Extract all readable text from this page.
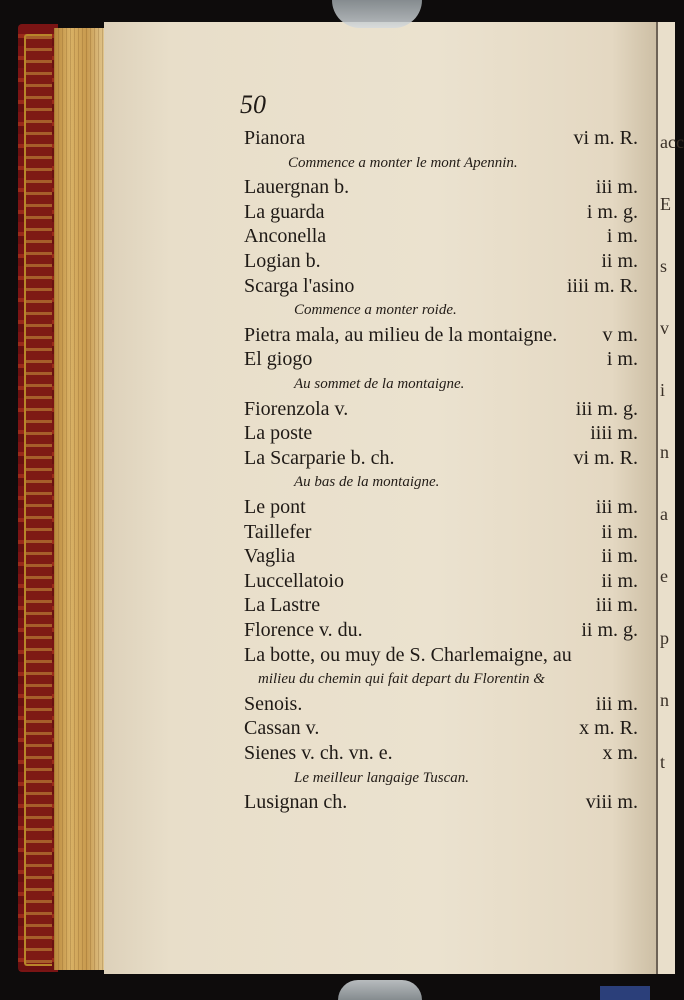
acc
E
s
v
i
n
a
e
p
n
t
50
Pianora	vi m. R.
Commence a monter le mont Apennin.
Lauergnan b.	iii m.
La guarda	i m. g.
Anconella	i m.
Logian b.	ii m.
Scarga l'asino	iiii m. R.
Commence a monter roide.
Pietra mala, au milieu de la montaigne. v m.
El giogo	i m.
Au sommet de la montaigne.
Fiorenzola v.	iii m. g.
La poste	iiii m.
La Scarparie b. ch.	vi m. R.
Au bas de la montaigne.
Le pont	iii m.
Taillefer	ii m.
Vaglia	ii m.
Luccellatoio	ii m.
La Lastre	iii m.
Florence v. du.	ii m. g.
La botte, ou muy de S. Charlemaigne, au
milieu du chemin qui fait depart du Florentin &
Senois.	iii m.
Cassan v.	x m. R.
Sienes v. ch. vn. e.	x m.
Le meilleur langaige Tuscan.
Lusignan ch.	viii m.
